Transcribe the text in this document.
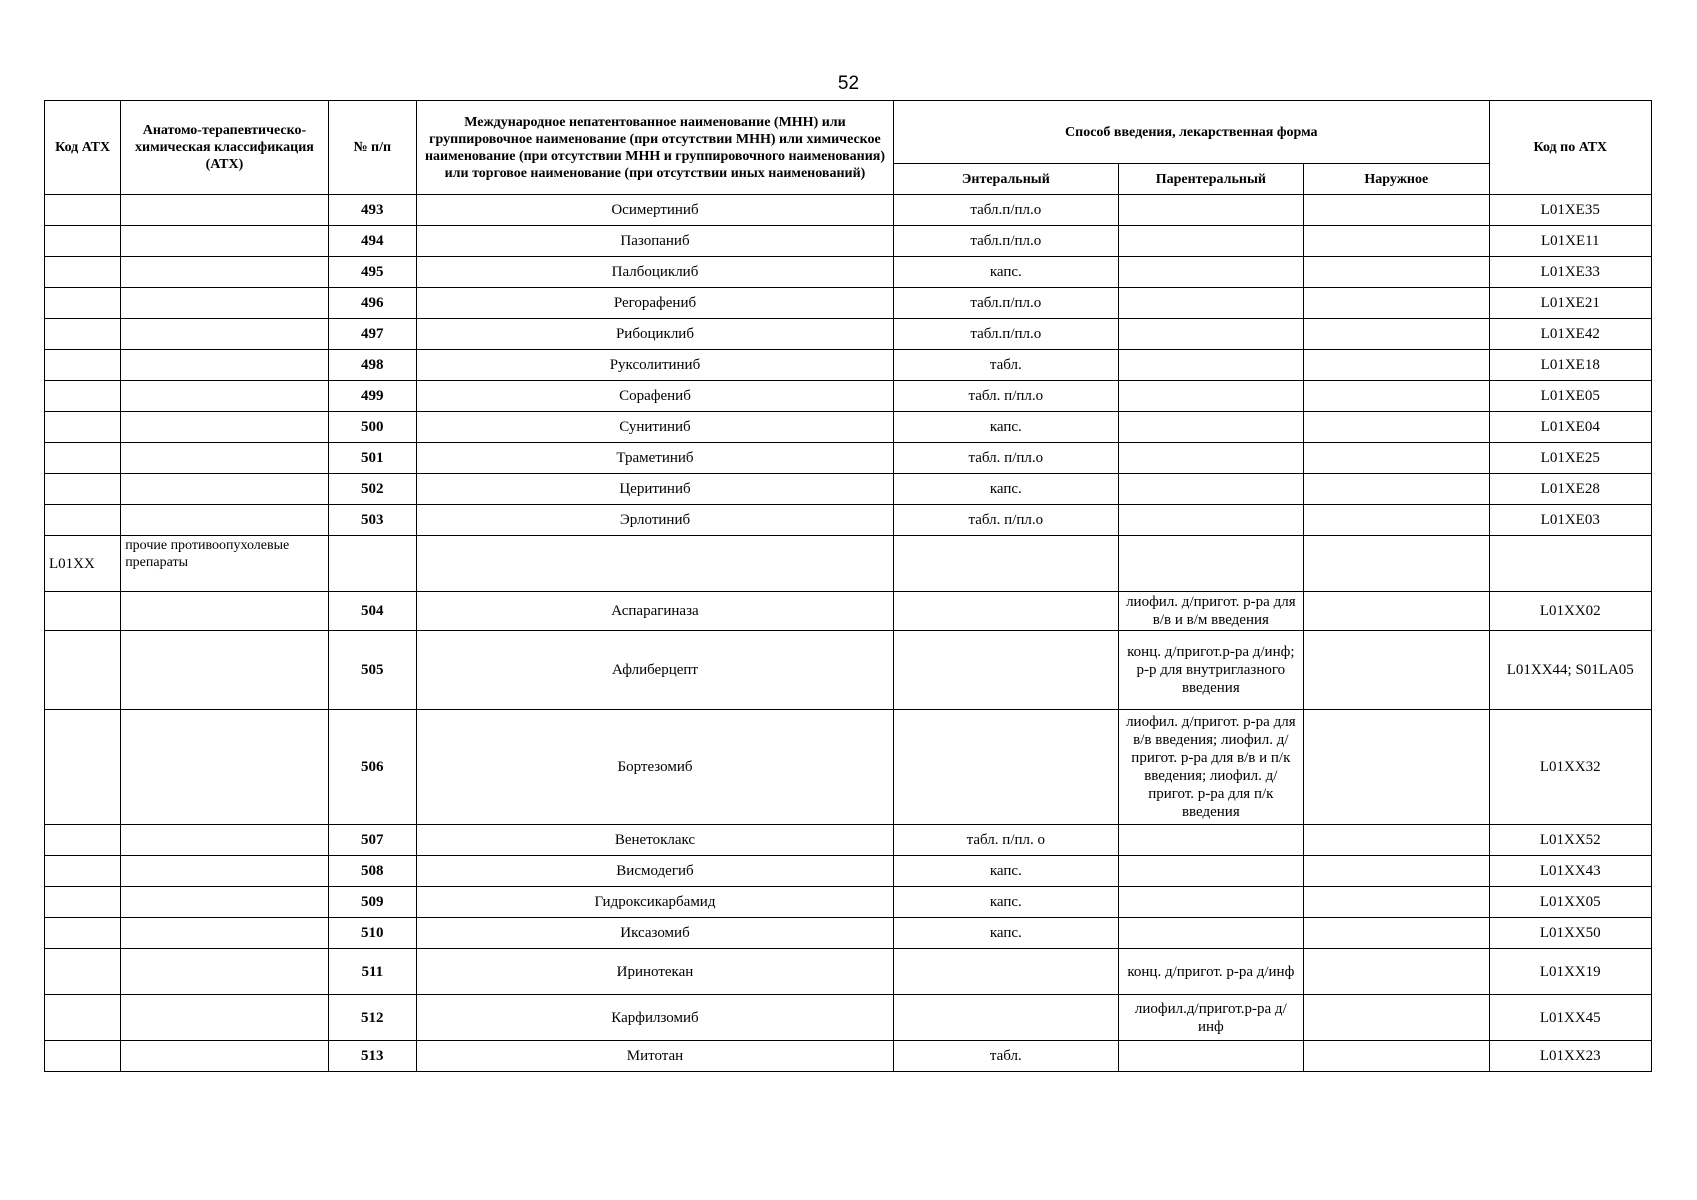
52
Код АТХ	Анатомо-терапевтическо-химическая классификация (АТХ)	№ п/п	Международное непатентованное наименование (МНН) или группировочное наименование (при отсутствии МНН) или химическое наименование (при отсутствии МНН и группировочного наименования) или торговое наименование (при отсутствии иных наименований)	Способ введения, лекарственная форма			Код по АТХ
				Энтеральный	Парентеральный	Наружное	
		493	Осимертиниб	табл.п/пл.о			L01XE35
		494	Пазопаниб	табл.п/пл.о			L01XE11
		495	Палбоциклиб	капс.			L01XE33
		496	Регорафениб	табл.п/пл.о			L01XE21
		497	Рибоциклиб	табл.п/пл.о			L01XE42
		498	Руксолитиниб	табл.			L01XE18
		499	Сорафениб	табл. п/пл.о			L01XE05
		500	Сунитиниб	капс.			L01XE04
		501	Траметиниб	табл. п/пл.о			L01XE25
		502	Церитиниб	капс.			L01XE28
		503	Эрлотиниб	табл. п/пл.о			L01XE03
L01XX	прочие противоопухолевые препараты						
		504	Аспарагиназа		лиофил. д/пригот. р-ра для в/в и в/м введения		L01XX02
		505	Афлиберцепт		конц. д/пригот.р-ра д/инф; р-р для внутриглазного введения		L01XX44; S01LA05
		506	Бортезомиб		лиофил. д/пригот. р-ра для в/в введения; лиофил. д/пригот. р-ра для в/в и п/к введения; лиофил. д/пригот. р-ра для п/к введения		L01XX32
		507	Венетоклакс	табл. п/пл. о			L01XX52
		508	Висмодегиб	капс.			L01XX43
		509	Гидроксикарбамид	капс.			L01XX05
		510	Иксазомиб	капс.			L01XX50
		511	Иринотекан		конц. д/пригот. р-ра д/инф		L01XX19
		512	Карфилзомиб		лиофил.д/пригот.р-ра д/инф		L01XX45
		513	Митотан	табл.			L01XX23
